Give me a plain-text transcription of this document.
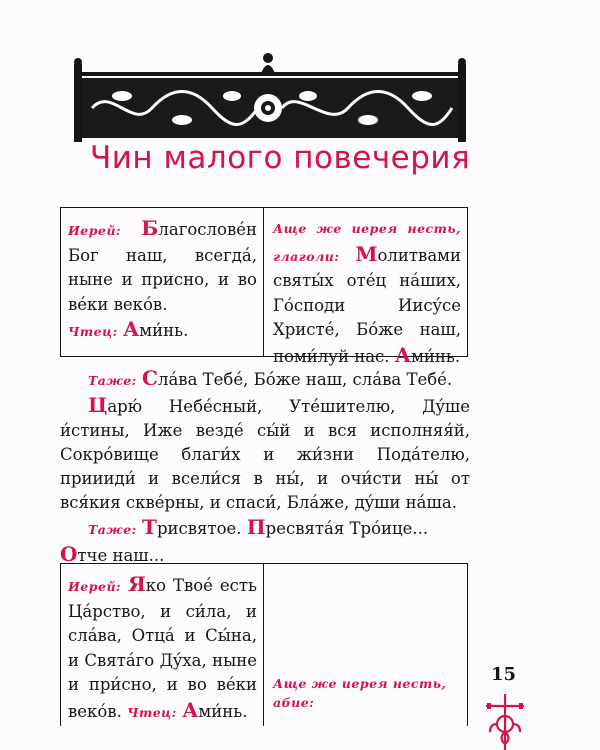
Чин малого повечерия
Иерей: Благословéн Бог наш, всегдá, нынe и присно, и во вéки векóв.
Чтец: Ами́нь.
Аще же иерея несть, глаголи: Молитвами святы́х отéц нáших, Гóсподи Иисýсе Христé, Бóже наш, поми́луй нас. Ами́нь.

Таже: Слáва Тебé, Бóже наш, слáва Тебé.

Царю́ Небéсный, Утéшителю, Дýше и́стины, Иже вездé сы́й и вся исполняя́й, Сокрóвище благи́х и жи́зни Подáтелю, приииди́ и всели́ся в ны́, и очи́сти ны́ от вся́кия сквéрны, и спаси́, Блáже, дýши нáша.

Таже: Трисвятое. Пресвятáя Трóице... Отче наш...

Иерей: Яко Твоé есть Цáрство, и си́ла, и слáва, Отцá и Сы́на, и Святáго Дýха, нынe и при́сно, и во вéки векóв. Чтец: Ами́нь.
Аще же иерея несть, абие:
15
